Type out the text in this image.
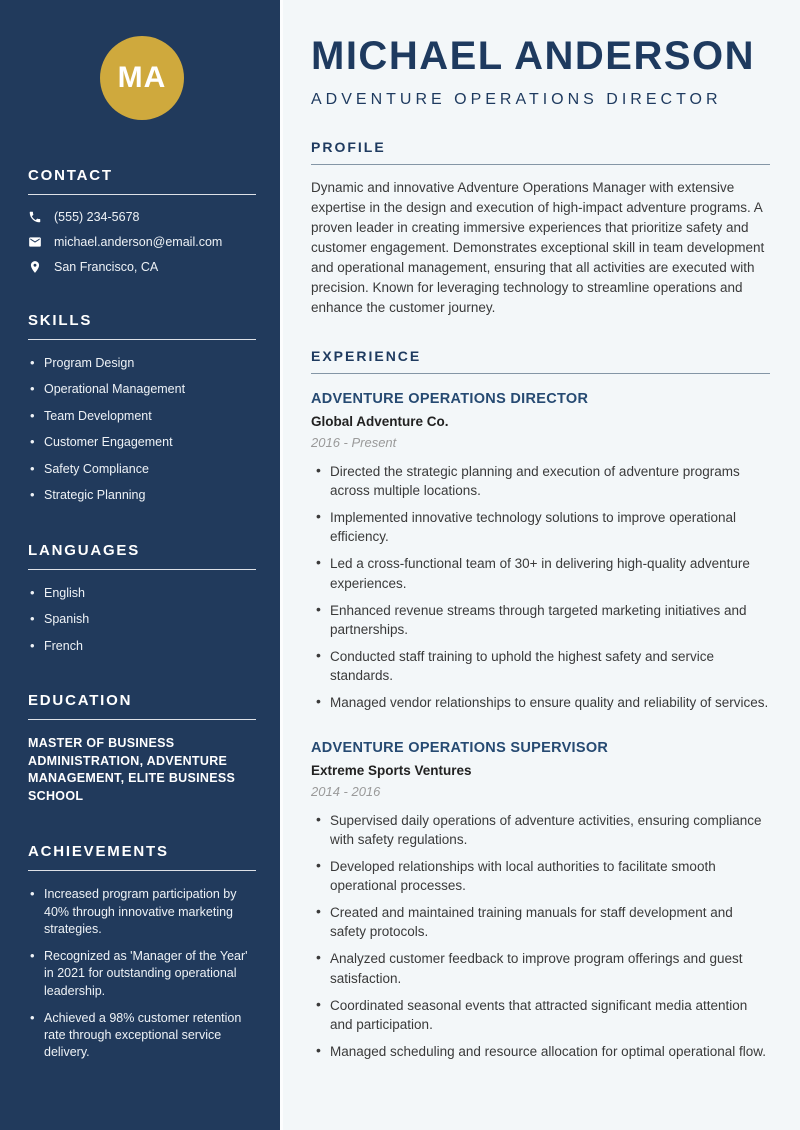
MA
CONTACT
(555) 234-5678
michael.anderson@email.com
San Francisco, CA
SKILLS
• Program Design
• Operational Management
• Team Development
• Customer Engagement
• Safety Compliance
• Strategic Planning
LANGUAGES
• English
• Spanish
• French
EDUCATION

MASTER OF BUSINESS ADMINISTRATION, ADVENTURE MANAGEMENT, ELITE BUSINESS SCHOOL

ACHIEVEMENTS
• Increased program participation by 40% through innovative marketing strategies.
• Recognized as 'Manager of the Year' in 2021 for outstanding operational leadership.
• Achieved a 98% customer retention rate through exceptional service delivery.
MICHAEL ANDERSON
ADVENTURE OPERATIONS DIRECTOR
PROFILE

Dynamic and innovative Adventure Operations Manager with extensive expertise in the design and execution of high-impact adventure programs. A proven leader in creating immersive experiences that prioritize safety and customer engagement. Demonstrates exceptional skill in team development and operational management, ensuring that all activities are executed with precision. Known for leveraging technology to streamline operations and enhance the customer journey.

EXPERIENCE
ADVENTURE OPERATIONS DIRECTOR
Global Adventure Co.
2016 - Present
• Directed the strategic planning and execution of adventure programs across multiple locations.
• Implemented innovative technology solutions to improve operational efficiency.
• Led a cross-functional team of 30+ in delivering high-quality adventure experiences.
• Enhanced revenue streams through targeted marketing initiatives and partnerships.
• Conducted staff training to uphold the highest safety and service standards.
• Managed vendor relationships to ensure quality and reliability of services.
ADVENTURE OPERATIONS SUPERVISOR
Extreme Sports Ventures
2014 - 2016
• Supervised daily operations of adventure activities, ensuring compliance with safety regulations.
• Developed relationships with local authorities to facilitate smooth operational processes.
• Created and maintained training manuals for staff development and safety protocols.
• Analyzed customer feedback to improve program offerings and guest satisfaction.
• Coordinated seasonal events that attracted significant media attention and participation.
• Managed scheduling and resource allocation for optimal operational flow.
